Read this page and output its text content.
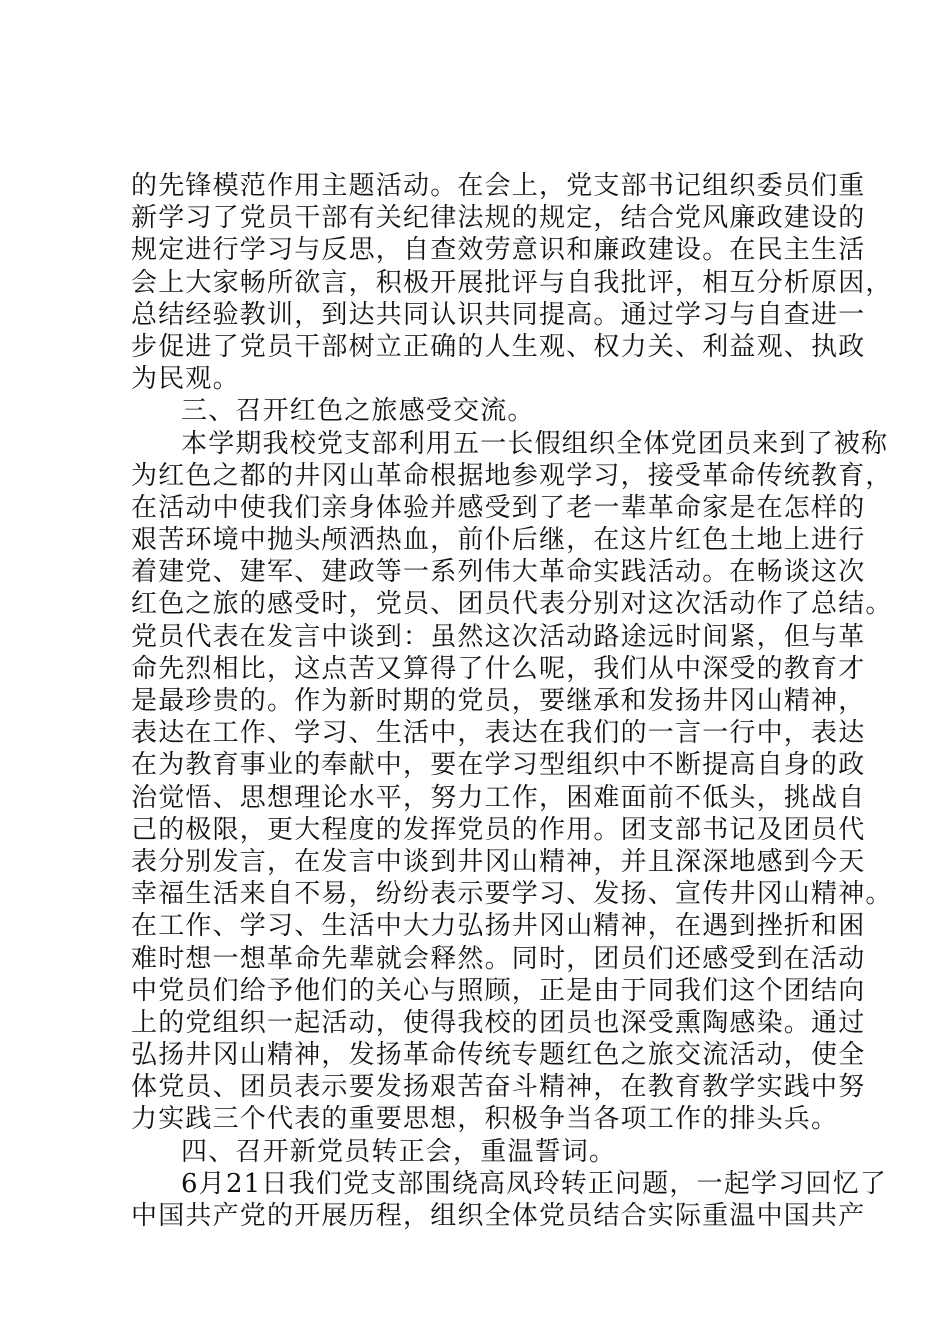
的先锋模范作用主题活动。在会上，党支部书记组织委员们重
新学习了党员干部有关纪律法规的规定，结合党风廉政建设的
规定进行学习与反思，自查效劳意识和廉政建设。在民主生活
会上大家畅所欲言，积极开展批评与自我批评，相互分析原因，
总结经验教训，到达共同认识共同提高。通过学习与自查进一
步促进了党员干部树立正确的人生观、权力关、利益观、执政
为民观。
三、召开红色之旅感受交流。
本学期我校党支部利用五一长假组织全体党团员来到了被称
为红色之都的井冈山革命根据地参观学习，接受革命传统教育，
在活动中使我们亲身体验并感受到了老一辈革命家是在怎样的
艰苦环境中抛头颅洒热血，前仆后继，在这片红色土地上进行
着建党、建军、建政等一系列伟大革命实践活动。在畅谈这次
红色之旅的感受时，党员、团员代表分别对这次活动作了总结。
党员代表在发言中谈到：虽然这次活动路途远时间紧，但与革
命先烈相比，这点苦又算得了什么呢，我们从中深受的教育才
是最珍贵的。作为新时期的党员，要继承和发扬井冈山精神，
表达在工作、学习、生活中，表达在我们的一言一行中，表达
在为教育事业的奉献中，要在学习型组织中不断提高自身的政
治觉悟、思想理论水平，努力工作，困难面前不低头，挑战自
己的极限，更大程度的发挥党员的作用。团支部书记及团员代
表分别发言，在发言中谈到井冈山精神，并且深深地感到今天
幸福生活来自不易，纷纷表示要学习、发扬、宣传井冈山精神。
在工作、学习、生活中大力弘扬井冈山精神，在遇到挫折和困
难时想一想革命先辈就会释然。同时，团员们还感受到在活动
中党员们给予他们的关心与照顾，正是由于同我们这个团结向
上的党组织一起活动，使得我校的团员也深受熏陶感染。通过
弘扬井冈山精神，发扬革命传统专题红色之旅交流活动，使全
体党员、团员表示要发扬艰苦奋斗精神，在教育教学实践中努
力实践三个代表的重要思想，积极争当各项工作的排头兵。
四、召开新党员转正会，重温誓词。
6月21日我们党支部围绕高凤玲转正问题，一起学习回忆了
中国共产党的开展历程，组织全体党员结合实际重温中国共产
